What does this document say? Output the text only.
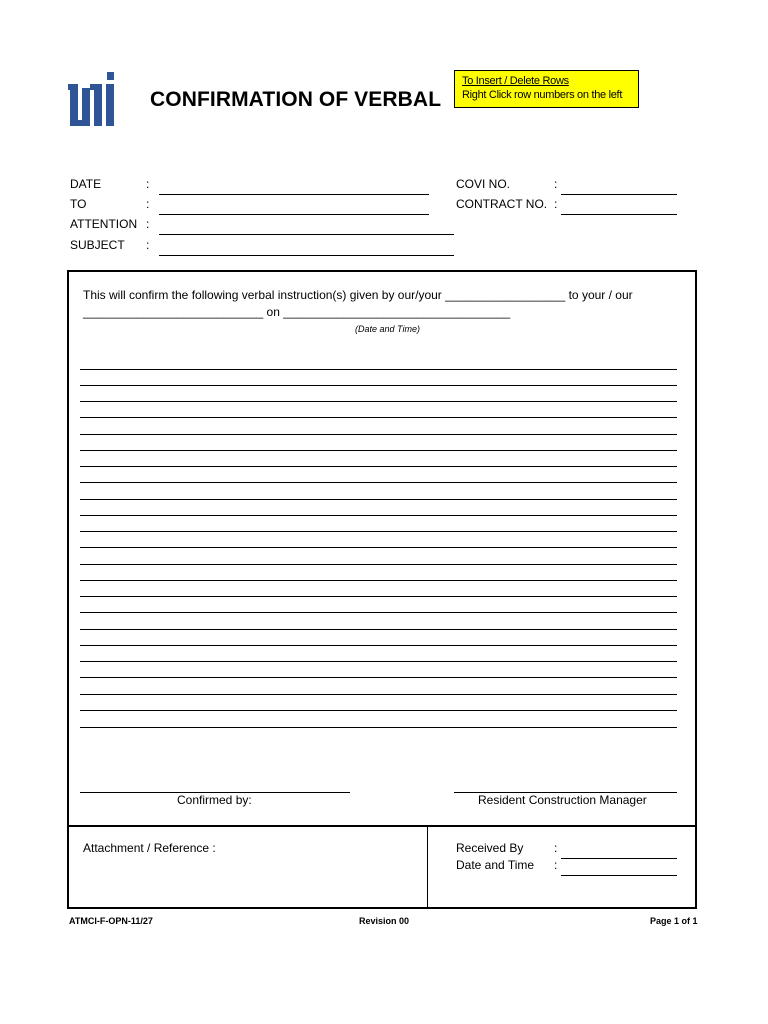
CONFIRMATION OF VERBAL
To Insert / Delete Rows
Right Click row numbers on the left
DATE	:
TO	:
ATTENTION :
SUBJECT :
COVI NO.	:
CONTRACT NO. :
This will confirm the following verbal instruction(s) given by our/your __________________ to your / our
___________________________ on __________________________________
(Date and Time)
Confirmed by:	Resident Construction Manager
Attachment / Reference :	Received By	:
Date and Time :
ATMCI-F-OPN-11/27	Revision 00	Page 1 of 1
